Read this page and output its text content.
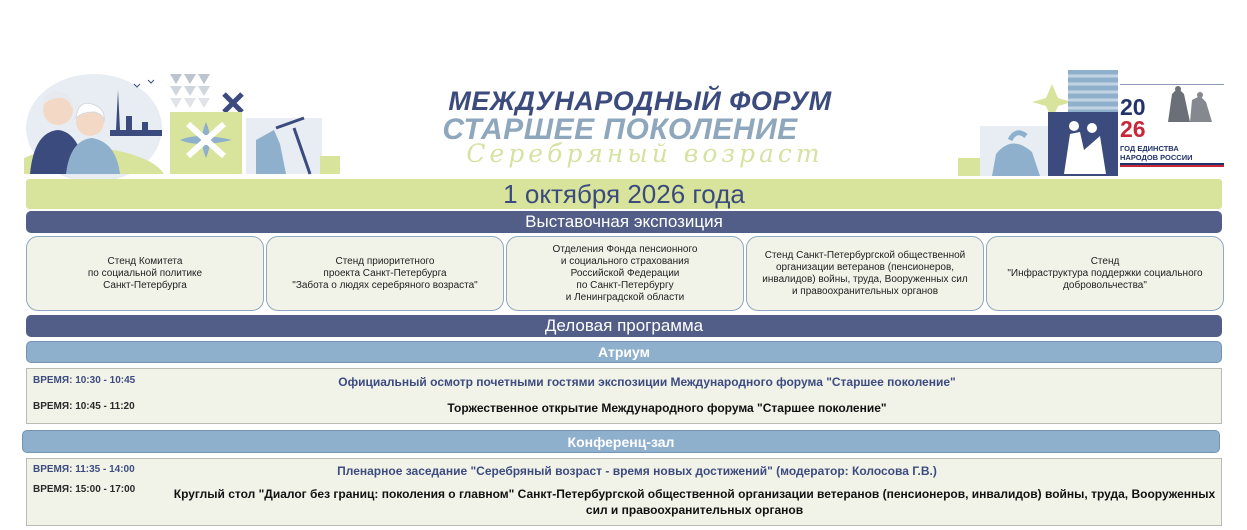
МЕЖДУНАРОДНЫЙ ФОРУМ
СТАРШЕЕ ПОКОЛЕНИЕ
Серебряный возраст
20
26
ГОД ЕДИНСТВА
НАРОДОВ РОССИИ
1 октября 2026 года
Выставочная экспозиция
Стенд Комитета
по социальной политике
Санкт-Петербурга
Стенд приоритетного
проекта Санкт-Петербурга
"Забота о людях серебряного возраста"
Отделения Фонда пенсионного
и социального страхования
Российской Федерации
по Санкт-Петербургу
и Ленинградской области
Стенд Санкт-Петербургской общественной
организации ветеранов (пенсионеров,
инвалидов) войны, труда, Вооруженных сил
и правоохранительных органов
Стенд
"Инфраструктура поддержки социального
добровольчества"
Деловая программа
Атриум
ВРЕМЯ: 10:30 - 10:45	Официальный осмотр почетными гостями экспозиции Международного форума "Старшее поколение"
ВРЕМЯ: 10:45 - 11:20	Торжественное открытие Международного форума "Старшее поколение"
Конференц-зал
ВРЕМЯ: 11:35 - 14:00	Пленарное заседание "Серебряный возраст - время новых достижений" (модератор: Колосова Г.В.)
ВРЕМЯ: 15:00 - 17:00	Круглый стол "Диалог без границ: поколения о главном" Санкт-Петербургской общественной организации ветеранов (пенсионеров, инвалидов) войны, труда, Вооруженных сил и правоохранительных органов
